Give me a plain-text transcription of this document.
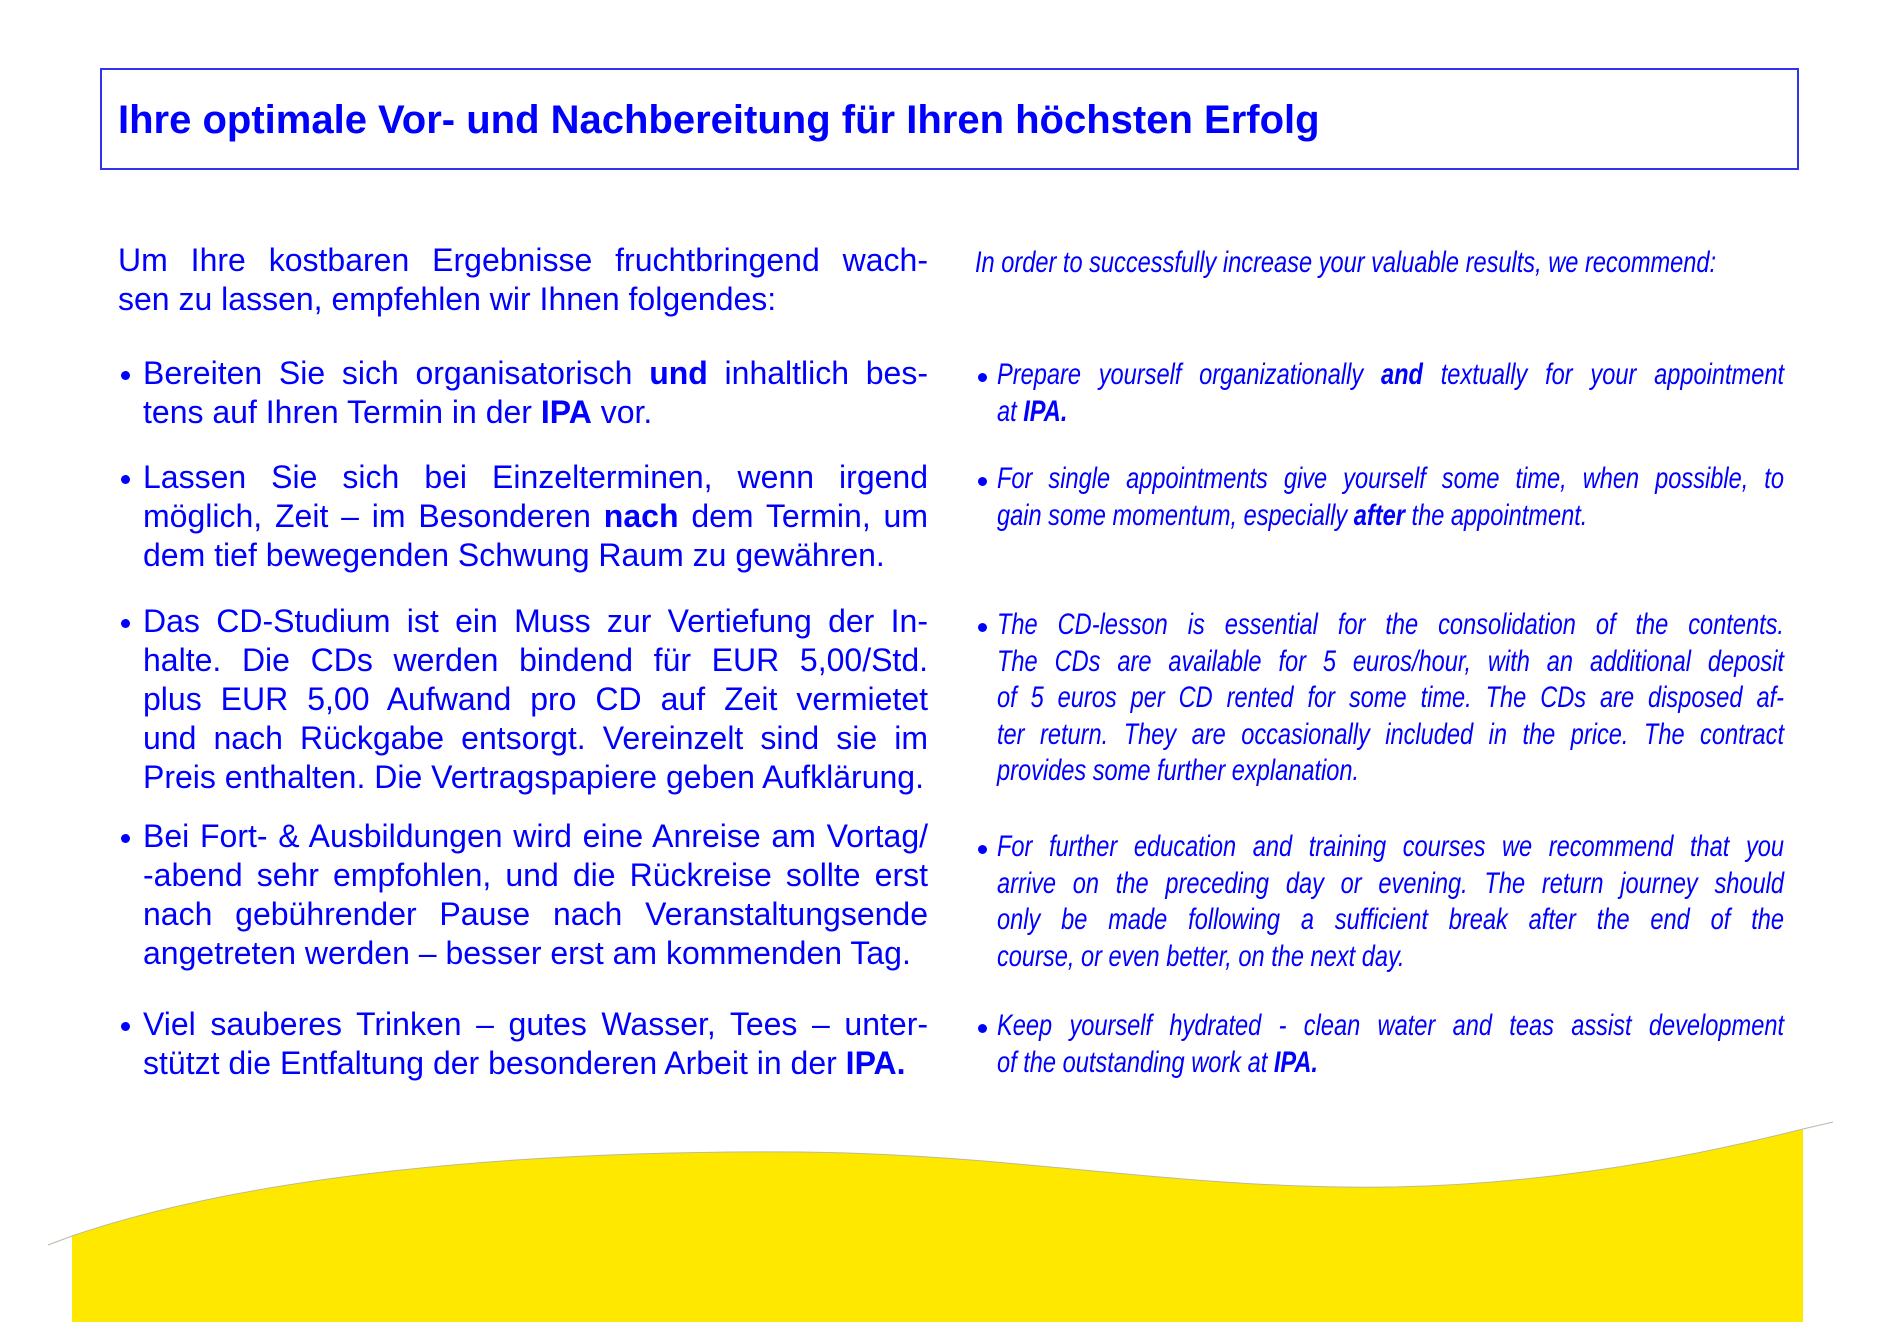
Ihre optimale Vor- und Nachbereitung für Ihren höchsten Erfolg
Um Ihre kostbaren Ergebnisse fruchtbringend wach-
sen zu lassen, empfehlen wir Ihnen folgendes:
Bereiten Sie sich organisatorisch und inhaltlich bes-
tens auf Ihren Termin in der IPA vor.
Lassen Sie sich bei Einzelterminen, wenn irgend
möglich, Zeit – im Besonderen nach dem Termin, um
dem tief bewegenden Schwung Raum zu gewähren.
Das CD-Studium ist ein Muss zur Vertiefung der In-
halte. Die CDs werden bindend für EUR 5,00/Std.
plus EUR 5,00 Aufwand pro CD auf Zeit vermietet
und nach Rückgabe entsorgt. Vereinzelt sind sie im
Preis enthalten. Die Vertragspapiere geben Aufklärung.
Bei Fort- & Ausbildungen wird eine Anreise am Vortag/
-abend sehr empfohlen, und die Rückreise sollte erst
nach gebührender Pause nach Veranstaltungsende
angetreten werden – besser erst am kommenden Tag.
Viel sauberes Trinken – gutes Wasser, Tees – unter-
stützt die Entfaltung der besonderen Arbeit in der IPA.
In order to successfully increase your valuable results, we recommend:
Prepare yourself organizationally and textually for your appointment
at IPA.
For single appointments give yourself some time, when possible, to
gain some momentum, especially after the appointment.
The CD-lesson is essential for the consolidation of the contents.
The CDs are available for 5 euros/hour, with an additional deposit
of 5 euros per CD rented for some time. The CDs are disposed af-
ter return. They are occasionally included in the price. The contract
provides some further explanation.
For further education and training courses we recommend that you
arrive on the preceding day or evening. The return journey should
only be made following a sufficient break after the end of the
course, or even better, on the next day.
Keep yourself hydrated - clean water and teas assist development
of the outstanding work at IPA.
